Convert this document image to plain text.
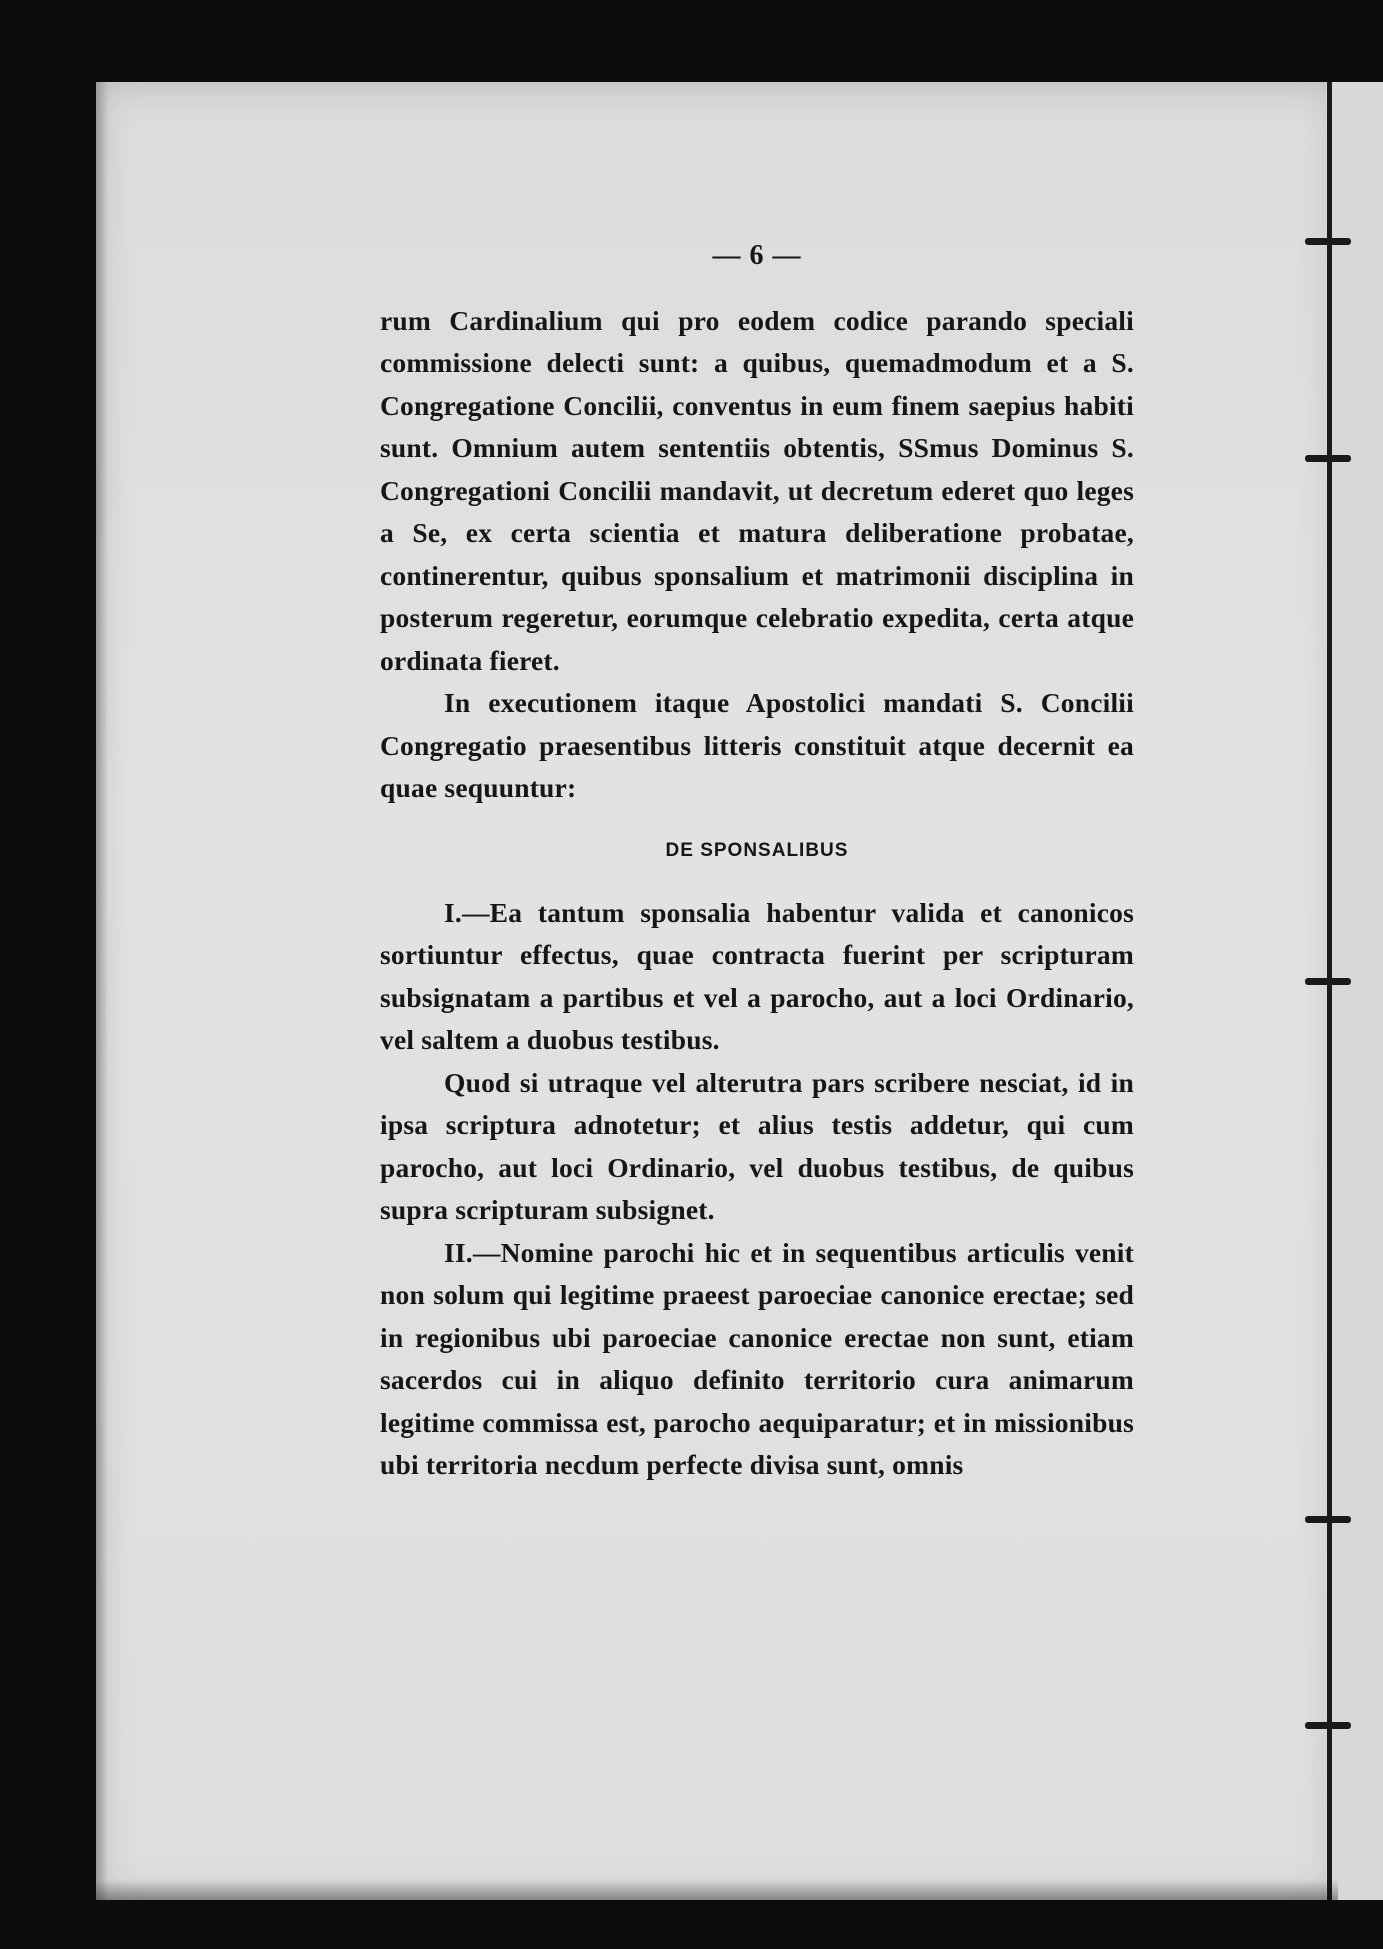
— 6 —

rum Cardinalium qui pro eodem codice parando speciali commissione delecti sunt: a quibus, quemadmodum et a S. Congregatione Concilii, conventus in eum finem saepius habiti sunt. Omnium autem sententiis obtentis, SSmus Dominus S. Congregationi Concilii mandavit, ut decretum ederet quo leges a Se, ex certa scientia et matura deliberatione probatae, continerentur, quibus sponsalium et matrimonii disciplina in posterum regeretur, eorumque celebratio expedita, certa atque ordinata fieret.

In executionem itaque Apostolici mandati S. Concilii Congregatio praesentibus litteris constituit atque decernit ea quae sequuntur:

DE SPONSALIBUS

I.—Ea tantum sponsalia habentur valida et canonicos sortiuntur effectus, quae contracta fuerint per scripturam subsignatam a partibus et vel a parocho, aut a loci Ordinario, vel saltem a duobus testibus.

Quod si utraque vel alterutra pars scribere nesciat, id in ipsa scriptura adnotetur; et alius testis addetur, qui cum parocho, aut loci Ordinario, vel duobus testibus, de quibus supra scripturam subsignet.

II.—Nomine parochi hic et in sequentibus articulis venit non solum qui legitime praeest paroeciae canonice erectae; sed in regionibus ubi paroeciae canonice erectae non sunt, etiam sacerdos cui in aliquo definito territorio cura animarum legitime commissa est, parocho aequiparatur; et in missionibus ubi territoria necdum perfecte divisa sunt, omnis
